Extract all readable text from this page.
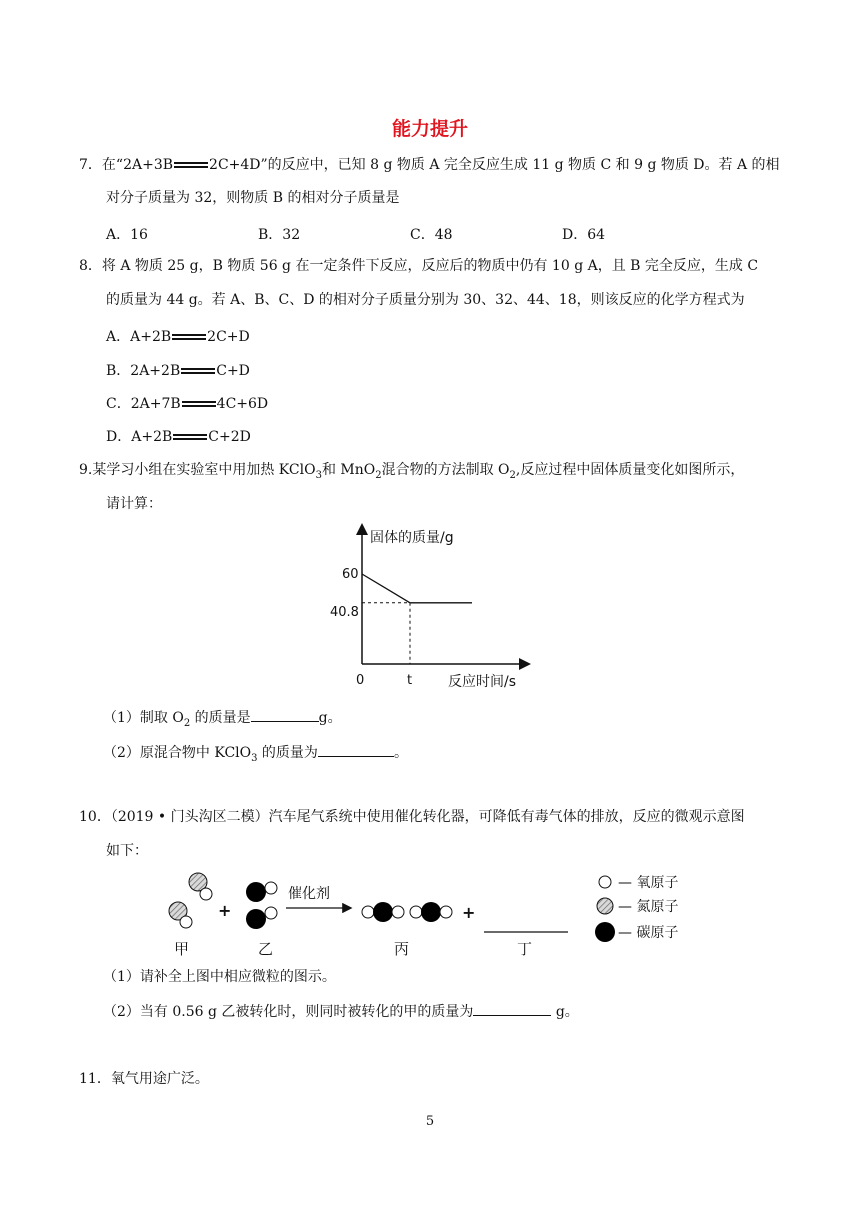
能力提升
7．在“2A+3B	2C+4D”的反应中，已知 8 g 物质 A 完全反应生成 11 g 物质 C 和 9 g 物质 D。若 A 的相
对分子质量为 32，则物质 B 的相对分子质量是
A．16	B．32	C．48	D．64
8．将 A 物质 25 g，B 物质 56 g 在一定条件下反应，反应后的物质中仍有 10 g A，且 B 完全反应，生成 C
的质量为 44 g。若 A、B、C、D 的相对分子质量分别为 30、32、44、18，则该反应的化学方程式为
A．A+2B	2C+D
B．2A+2B	C+D
C．2A+7B	4C+6D
D．A+2B	C+2D
9.某学习小组在实验室中用加热 KClO$_3$和 MnO$_2$混合物的方法制取 $O_2$,反应过程中固体质量变化如图所示，
请计算：
固体的质量/g
反应时间/s
60
40.8
0	t
（1）制取 $O_2$ 的质量是	g。
（2）原混合物中 KClO$_3$ 的质量为	。
10．（2019 • 门头沟区二模）汽车尾气系统中使用催化转化器，可降低有毒气体的排放，反应的微观示意图
如下：
+
催化剂
+
甲	乙	丙	丁
— 氧原子
— 氮原子
— 碳原子
（1）请补全上图中相应微粒的图示。
（2）当有 0.56 g 乙被转化时，则同时被转化的甲的质量为	g。
11．氧气用途广泛。
5
